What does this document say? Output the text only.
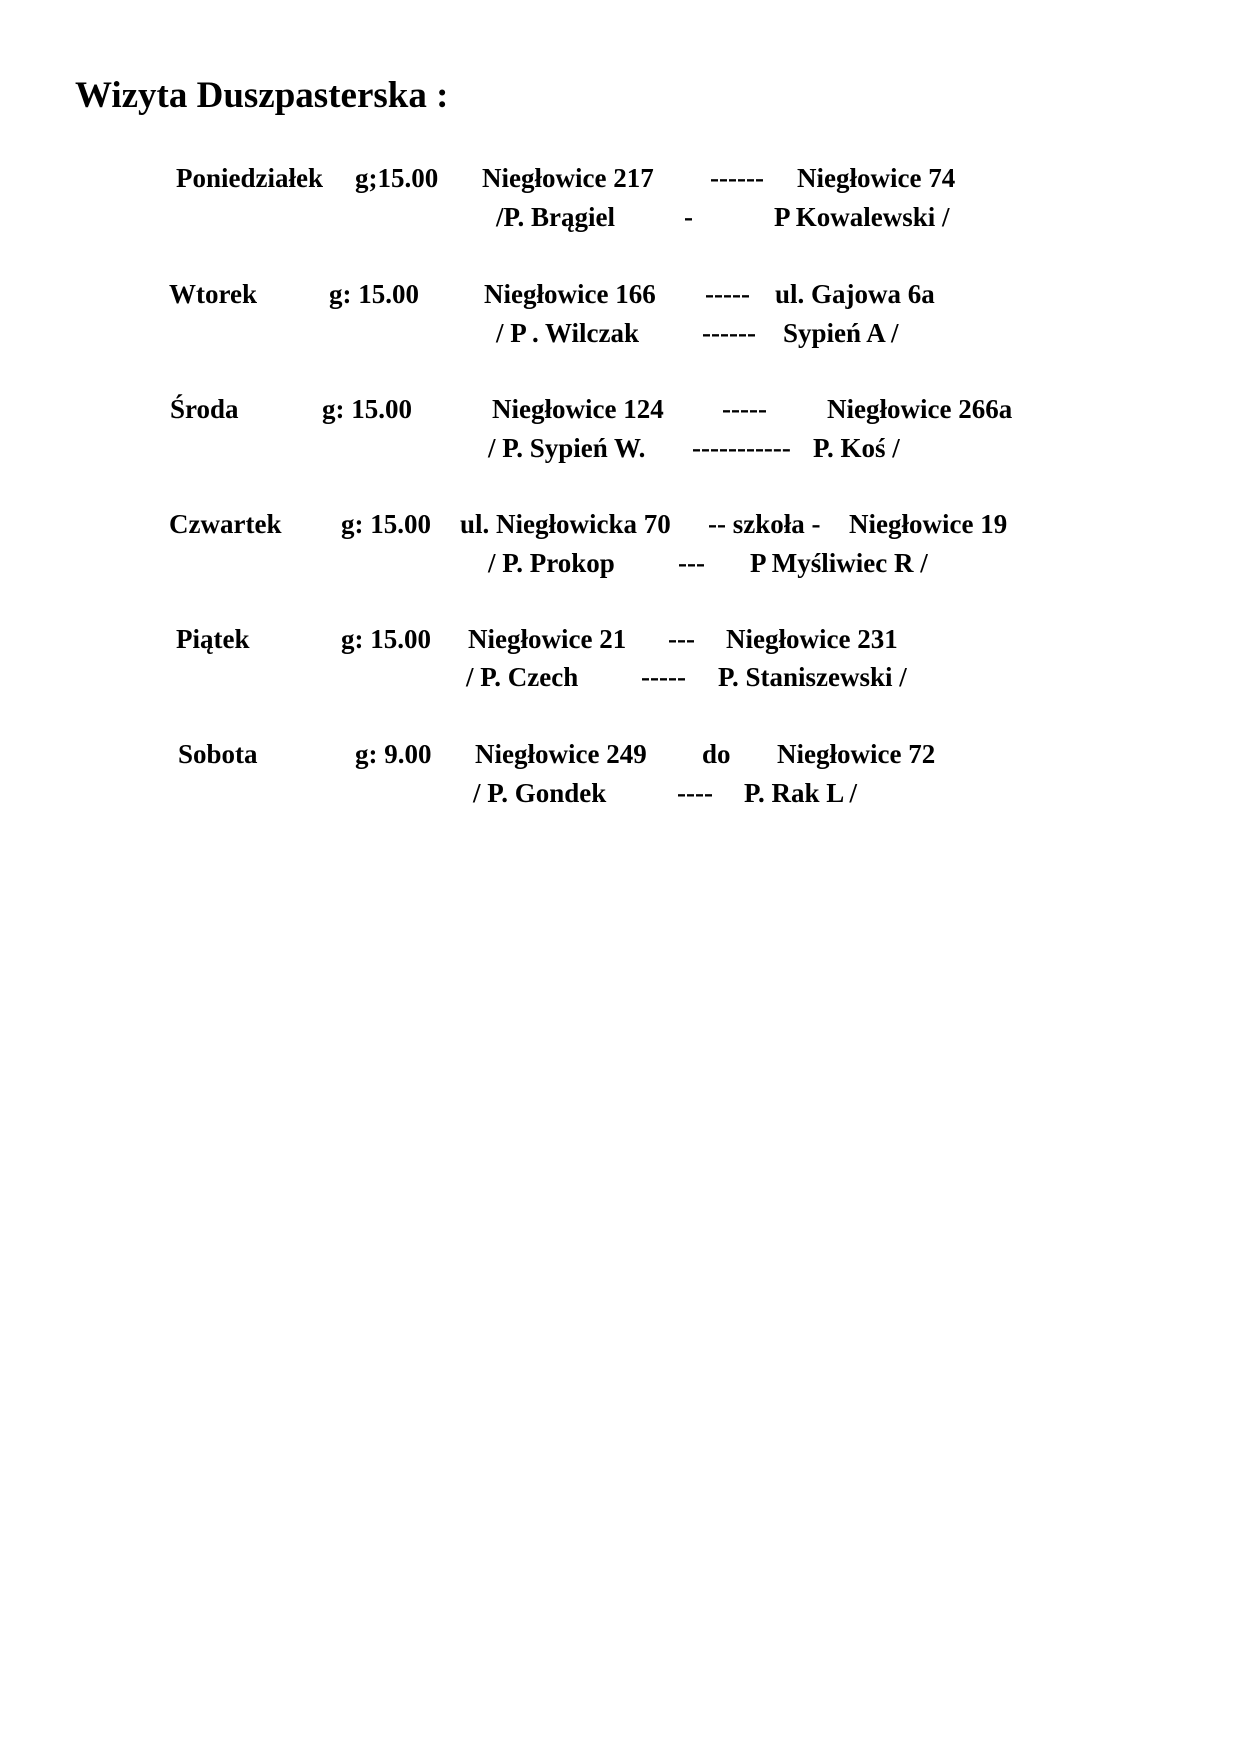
Wizyta Duszpasterska :
Poniedziałek g;15.00 Niegłowice 217 ------ Niegłowice 74
/P. Brągiel	-	P Kowalewski /
Wtorek	g: 15.00 Niegłowice 166 ----- ul. Gajowa 6a
/ P . Wilczak ------ Sypień A /
Środa	g: 15.00	Niegłowice 124 ----- Niegłowice 266a
/ P. Sypień W. ----------- P. Koś /
Czwartek g: 15.00 ul. Niegłowicka 70 -- szkoła - Niegłowice 19
/ P. Prokop --- P Myśliwiec R /
Piątek	g: 15.00 Niegłowice 21 --- Niegłowice 231
/ P. Czech ----- P. Staniszewski /
Sobota	g: 9.00 Niegłowice 249 do Niegłowice 72
/ P. Gondek	---- P. Rak L /
